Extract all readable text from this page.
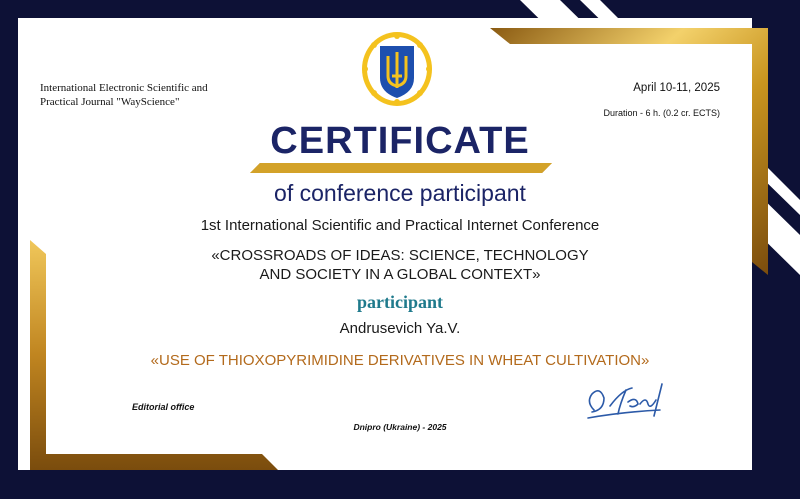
International Electronic Scientific and
Practical Journal "WayScience"
April 10-11, 2025
Duration - 6 h. (0.2 cr. ECTS)
CERTIFICATE
of conference participant
1st International Scientific and Practical Internet Conference
«CROSSROADS OF IDEAS: SCIENCE, TECHNOLOGY
AND SOCIETY IN A GLOBAL CONTEXT»
participant
Andrusevich Ya.V.
«USE OF THIOXOPYRIMIDINE DERIVATIVES IN WHEAT CULTIVATION»
Editorial office
Dnipro (Ukraine) - 2025
